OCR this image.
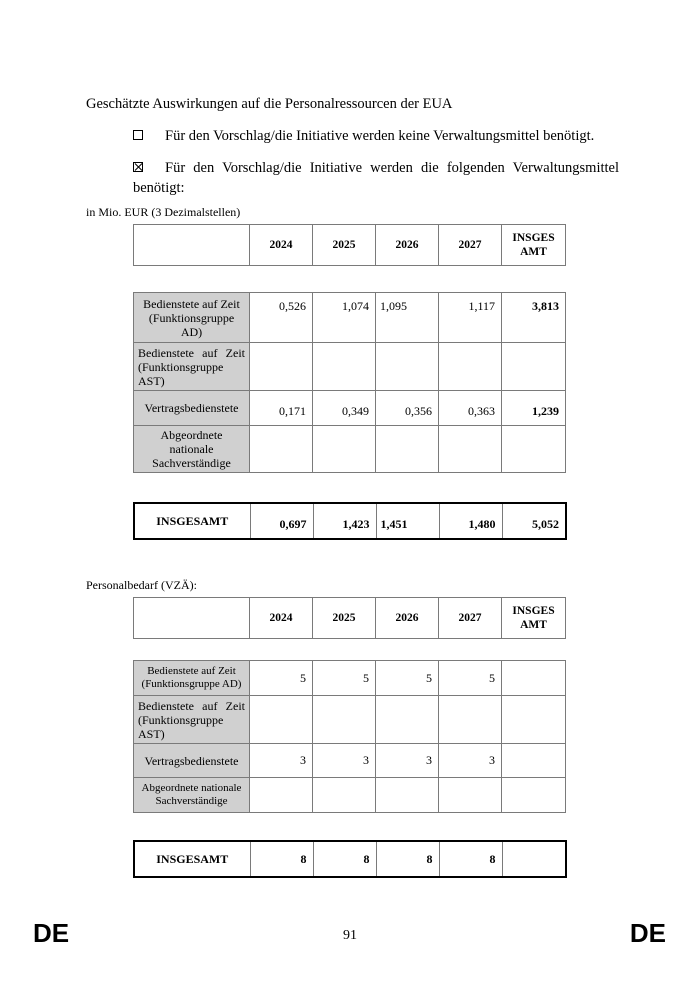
Geschätzte Auswirkungen auf die Personalressourcen der EUA
Für den Vorschlag/die Initiative werden keine Verwaltungsmittel benötigt.
Für den Vorschlag/die Initiative werden die folgenden Verwaltungsmittel benötigt:
in Mio. EUR (3 Dezimalstellen)
	2024	2025	2026	2027	INSGES AMT
Bedienstete auf Zeit (Funktionsgruppe AD)	0,526	1,074	1,095	1,117	3,813
Bedienstete auf Zeit (Funktionsgruppe AST)					
Vertragsbedienstete	0,171	0,349	0,356	0,363	1,239
Abgeordnete nationale Sachverständige					
INSGESAMT	0,697	1,423	1,451	1,480	5,052
Personalbedarf (VZÄ):
	2024	2025	2026	2027	INSGES AMT
Bedienstete auf Zeit (Funktionsgruppe AD)	5	5	5	5	
Bedienstete auf Zeit (Funktionsgruppe AST)					
Vertragsbedienstete	3	3	3	3	
Abgeordnete nationale Sachverständige					
INSGESAMT	8	8	8	8	
DE	91	DE
